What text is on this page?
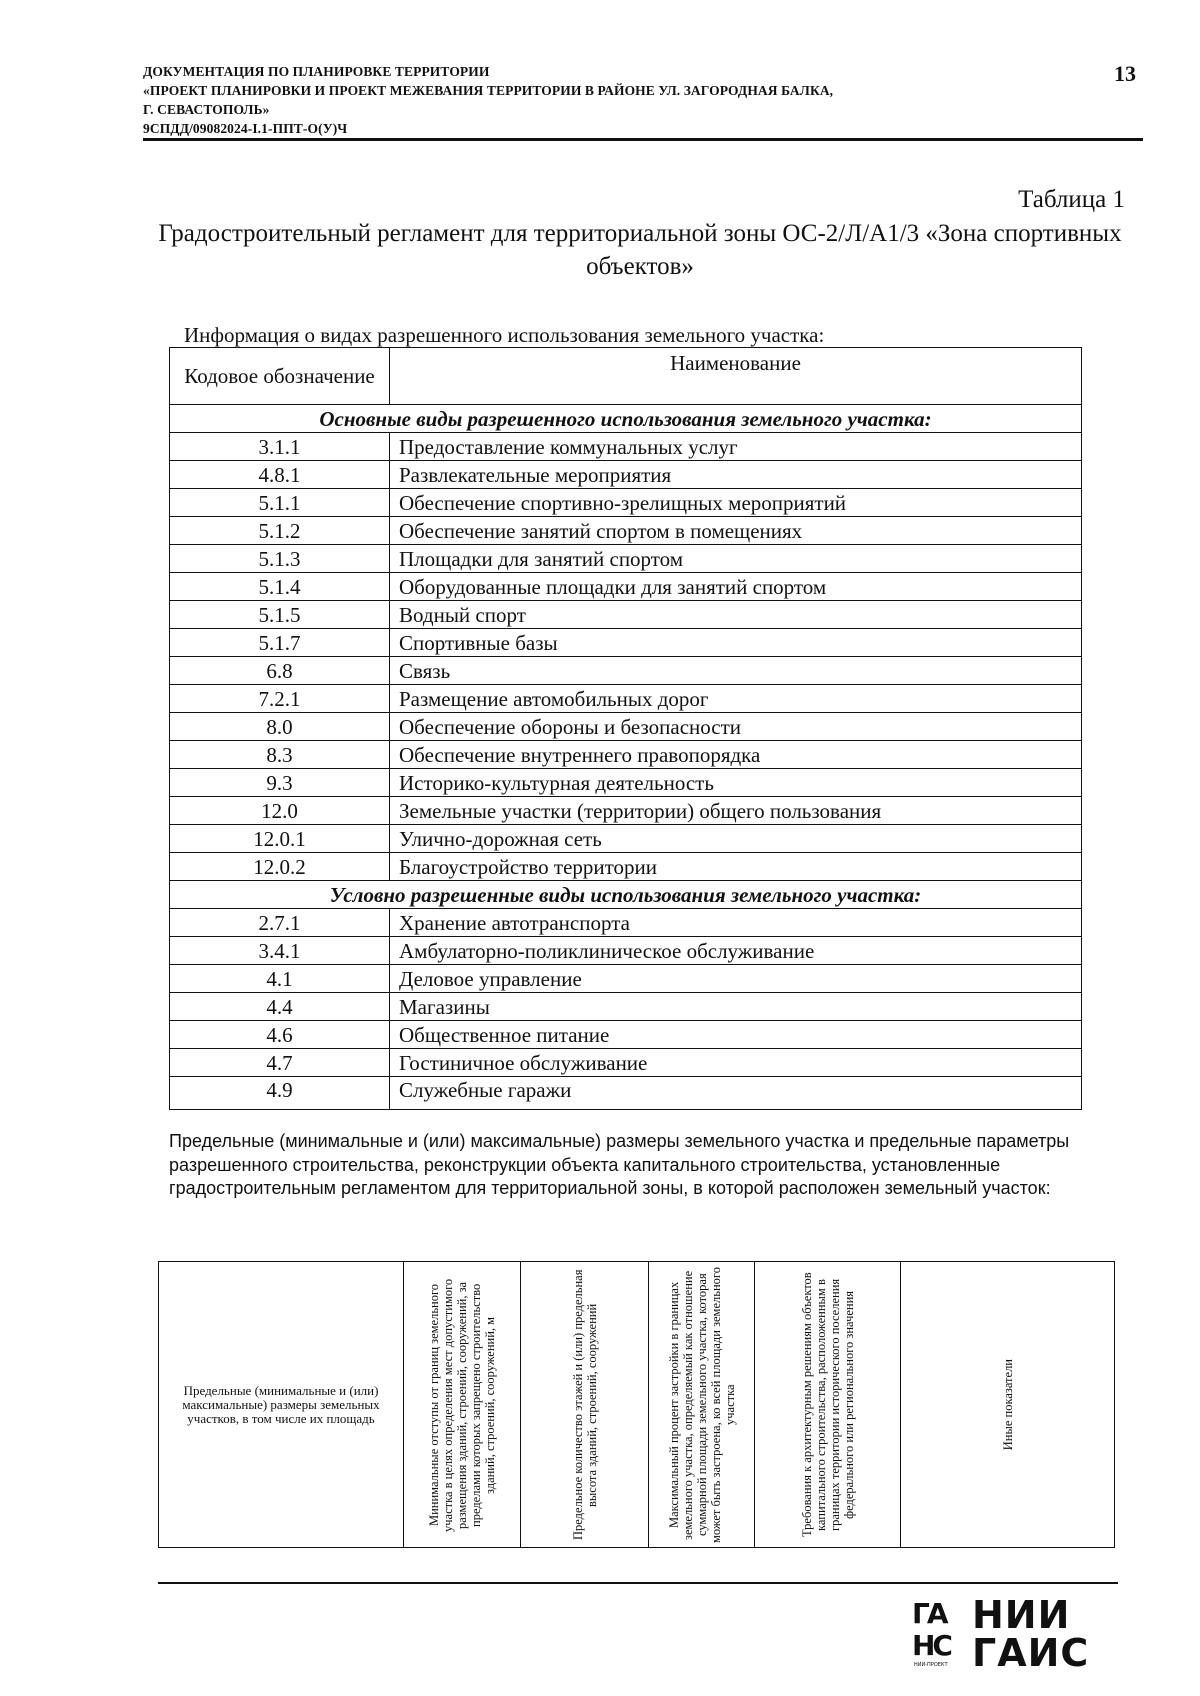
ДОКУМЕНТАЦИЯ ПО ПЛАНИРОВКЕ ТЕРРИТОРИИ
«ПРОЕКТ ПЛАНИРОВКИ И ПРОЕКТ МЕЖЕВАНИЯ ТЕРРИТОРИИ В РАЙОНЕ УЛ. ЗАГОРОДНАЯ БАЛКА,
Г. СЕВАСТОПОЛЬ»
9СПДД/09082024-I.1-ППТ-О(У)Ч
13
Таблица 1
Градостроительный регламент для территориальной зоны ОС-2/Л/А1/3 «Зона спортивных объектов»
Информация о видах разрешенного использования земельного участка:
Кодовое обозначение	Наименование
Основные виды разрешенного использования земельного участка:	
3.1.1	Предоставление коммунальных услуг
4.8.1	Развлекательные мероприятия
5.1.1	Обеспечение спортивно-зрелищных мероприятий
5.1.2	Обеспечение занятий спортом в помещениях
5.1.3	Площадки для занятий спортом
5.1.4	Оборудованные площадки для занятий спортом
5.1.5	Водный спорт
5.1.7	Спортивные базы
6.8	Связь
7.2.1	Размещение автомобильных дорог
8.0	Обеспечение обороны и безопасности
8.3	Обеспечение внутреннего правопорядка
9.3	Историко-культурная деятельность
12.0	Земельные участки (территории) общего пользования
12.0.1	Улично-дорожная сеть
12.0.2	Благоустройство территории
Условно разрешенные виды использования земельного участка:	
2.7.1	Хранение автотранспорта
3.4.1	Амбулаторно-поликлиническое обслуживание
4.1	Деловое управление
4.4	Магазины
4.6	Общественное питание
4.7	Гостиничное обслуживание
4.9	Служебные гаражи
Предельные (минимальные и (или) максимальные) размеры земельного участка и предельные параметры разрешенного строительства, реконструкции объекта капитального строительства, установленные градостроительным регламентом для территориальной зоны, в которой расположен земельный участок:
Предельные (минимальные и (или) максимальные) размеры земельных участков, в том числе их площадь	Минимальные отступы от границ земельного участка в целях определения мест допустимого размещения зданий, строений, сооружений, за пределами которых запрещено строительство зданий, строений, сооружений, м	Предельное количество этажей и (или) предельная высота зданий, строений, сооружений	Максимальный процент застройки в границах земельного участка, определяемый как отношение суммарной площади земельного участка, которая может быть застроена, ко всей площади земельного участка	Требования к архитектурным решениям объектов капитального строительства, расположенным в границах территории исторического поселения федерального или регионального значения	Иные показатели
ГА
НС
НИИ-ПРОЕКТ
НИИ
ГАИС
